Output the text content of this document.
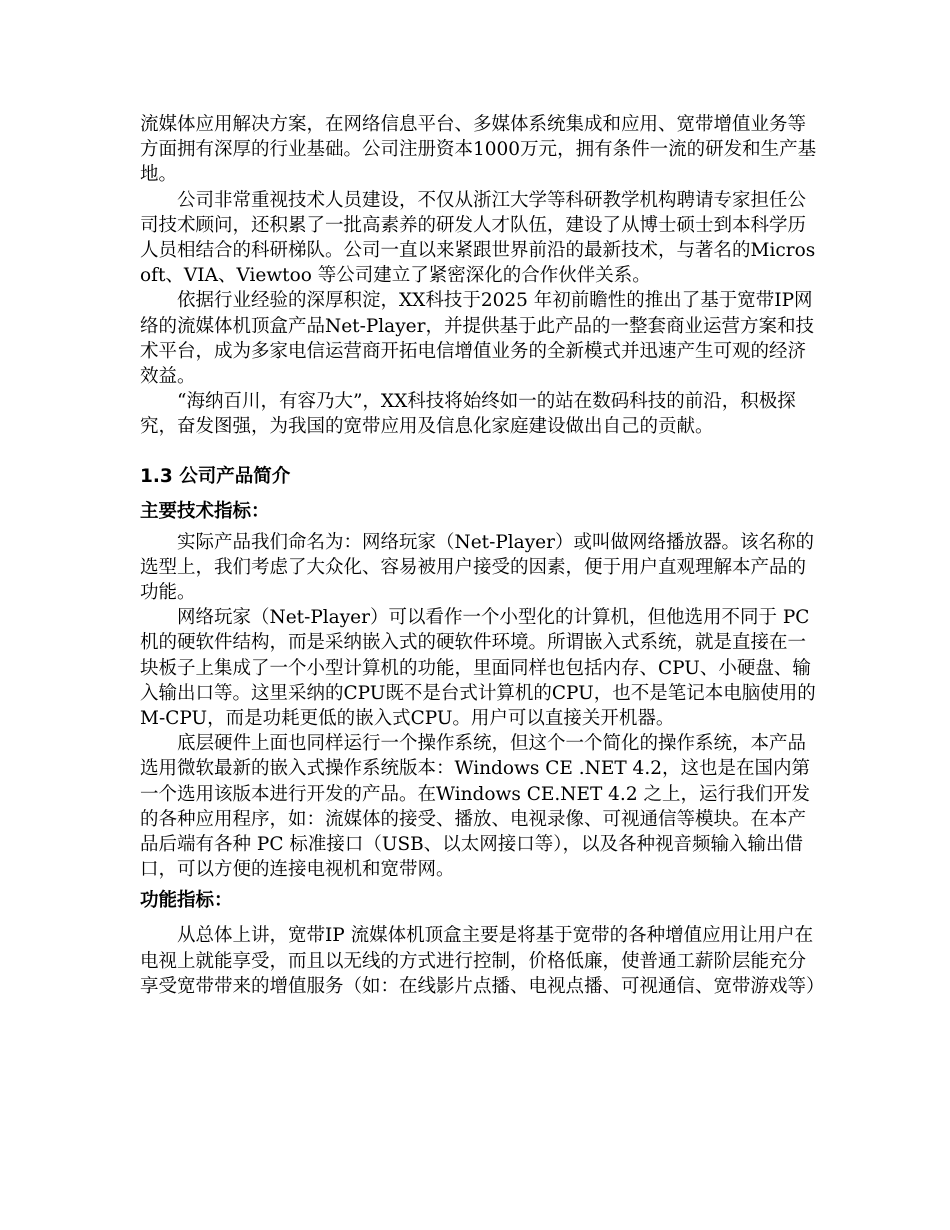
流媒体应用解决方案，在网络信息平台、多媒体系统集成和应用、宽带增值业务等方面拥有深厚的行业基础。公司注册资本1000万元，拥有条件一流的研发和生产基地。

公司非常重视技术人员建设，不仅从浙江大学等科研教学机构聘请专家担任公司技术顾问，还积累了一批高素养的研发人才队伍，建设了从博士硕士到本科学历人员相结合的科研梯队。公司一直以来紧跟世界前沿的最新技术，与著名的Microsoft、VIA、Viewtoo 等公司建立了紧密深化的合作伙伴关系。

依据行业经验的深厚积淀，XX科技于2025 年初前瞻性的推出了基于宽带IP网络的流媒体机顶盒产品Net-Player，并提供基于此产品的一整套商业运营方案和技术平台，成为多家电信运营商开拓电信增值业务的全新模式并迅速产生可观的经济效益。

“海纳百川，有容乃大”，XX科技将始终如一的站在数码科技的前沿，积极探究，奋发图强，为我国的宽带应用及信息化家庭建设做出自己的贡献。

1.3 公司产品简介
主要技术指标：

实际产品我们命名为：网络玩家（Net-Player）或叫做网络播放器。该名称的选型上，我们考虑了大众化、容易被用户接受的因素，便于用户直观理解本产品的功能。

网络玩家（Net-Player）可以看作一个小型化的计算机，但他选用不同于 PC机的硬软件结构，而是采纳嵌入式的硬软件环境。所谓嵌入式系统，就是直接在一块板子上集成了一个小型计算机的功能，里面同样也包括内存、CPU、小硬盘、输入输出口等。这里采纳的CPU既不是台式计算机的CPU，也不是笔记本电脑使用的M-CPU，而是功耗更低的嵌入式CPU。用户可以直接关开机器。

底层硬件上面也同样运行一个操作系统，但这个一个简化的操作系统，本产品选用微软最新的嵌入式操作系统版本：Windows CE .NET 4.2，这也是在国内第一个选用该版本进行开发的产品。在Windows CE.NET 4.2 之上，运行我们开发的各种应用程序，如：流媒体的接受、播放、电视录像、可视通信等模块。在本产品后端有各种 PC 标准接口（USB、以太网接口等），以及各种视音频输入输出借口，可以方便的连接电视机和宽带网。

功能指标：

从总体上讲，宽带IP 流媒体机顶盒主要是将基于宽带的各种增值应用让用户在电视上就能享受，而且以无线的方式进行控制，价格低廉，使普通工薪阶层能充分享受宽带带来的增值服务（如：在线影片点播、电视点播、可视通信、宽带游戏等）
